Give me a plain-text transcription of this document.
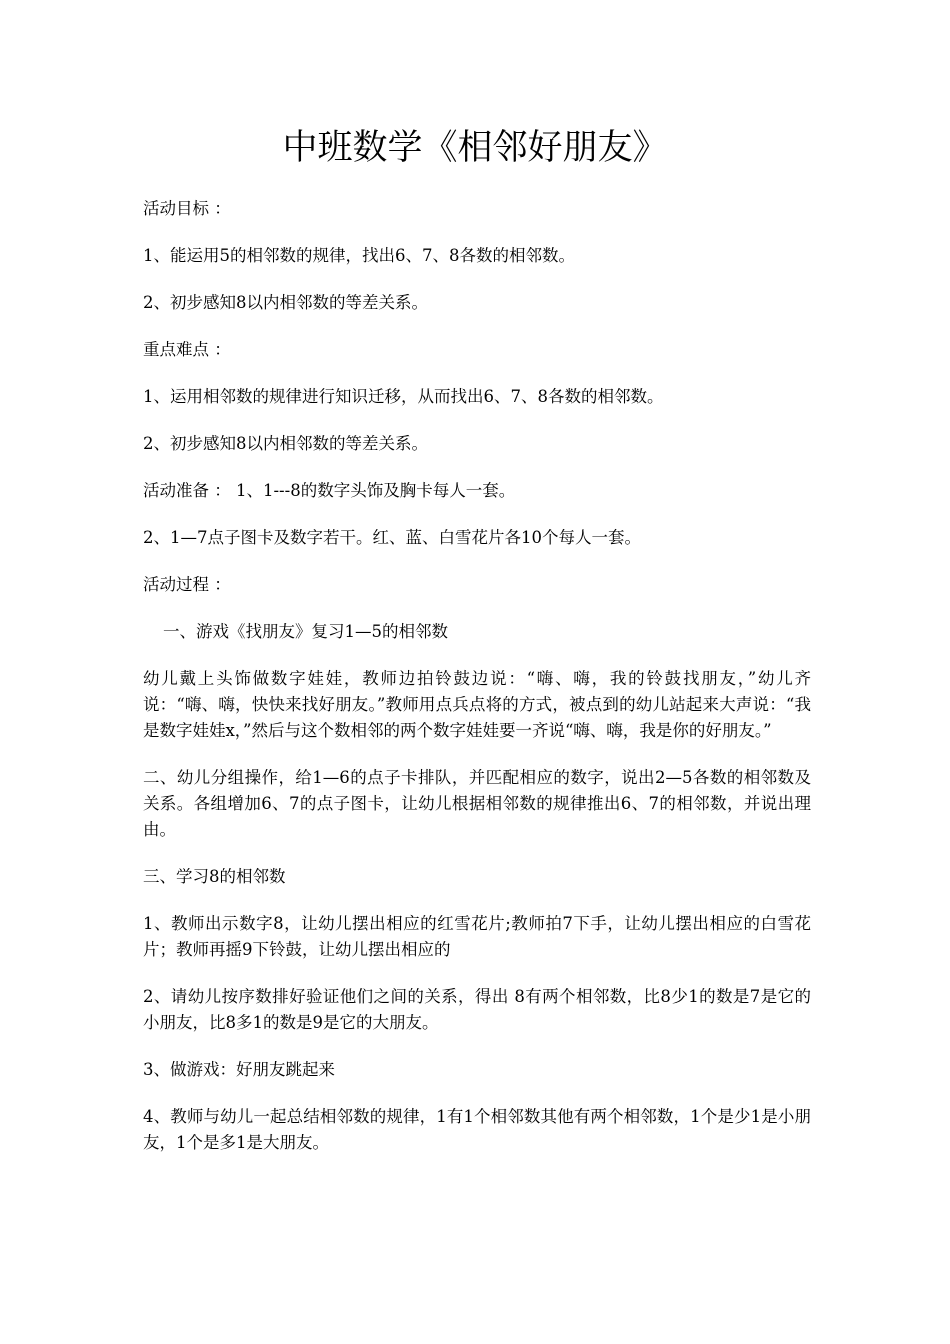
中班数学《相邻好朋友》

活动目标 ：

1、能运用5的相邻数的规律，找出6、7、8各数的相邻数。

2、初步感知8以内相邻数的等差关系。

重点难点 ：

1、运用相邻数的规律进行知识迁移，从而找出6、7、8各数的相邻数。

2、初步感知8以内相邻数的等差关系。

活动准备 ： 1、1---8的数字头饰及胸卡每人一套。

2、1—7点子图卡及数字若干。红、蓝、白雪花片各10个每人一套。

活动过程 ：

一、游戏《找朋友》复习1—5的相邻数

幼儿戴上头饰做数字娃娃，教师边拍铃鼓边说：“嗨、嗨，我的铃鼓找朋友，”幼儿齐说：“嗨、嗨，快快来找好朋友。”教师用点兵点将的方式，被点到的幼儿站起来大声说：“我是数字娃娃x，”然后与这个数相邻的两个数字娃娃要一齐说“嗨、嗨，我是你的好朋友。”

二、幼儿分组操作，给1—6的点子卡排队，并匹配相应的数字，说出2—5各数的相邻数及关系。各组增加6、7的点子图卡，让幼儿根据相邻数的规律推出6、7的相邻数，并说出理由。

三、学习8的相邻数

1、教师出示数字8，让幼儿摆出相应的红雪花片;教师拍7下手，让幼儿摆出相应的白雪花片；教师再摇9下铃鼓，让幼儿摆出相应的

2、请幼儿按序数排好验证他们之间的关系，得出 8有两个相邻数，比8少1的数是7是它的小朋友，比8多1的数是9是它的大朋友。

3、做游戏：好朋友跳起来

4、教师与幼儿一起总结相邻数的规律，1有1个相邻数其他有两个相邻数，1个是少1是小朋友，1个是多1是大朋友。
